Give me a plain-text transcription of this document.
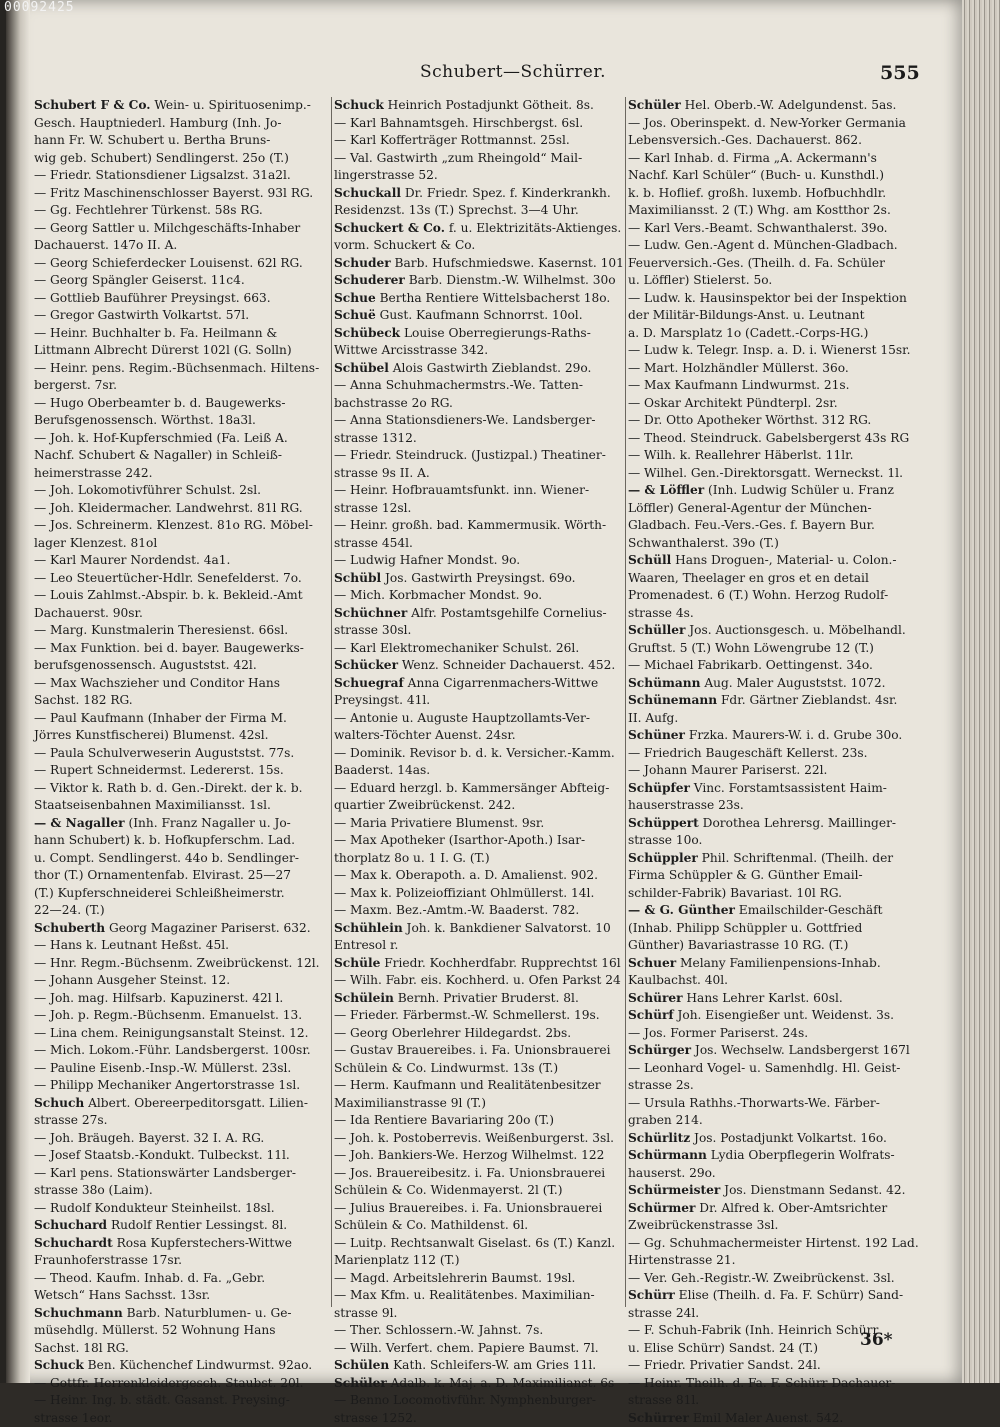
00092425
Schubert—Schürrer.	555

Schubert F & Co. Wein- u. Spirituosenimp.-

Gesch. Hauptniederl. Hamburg (Inh. Jo-

hann Fr. W. Schubert u. Bertha Bruns-

wig geb. Schubert) Sendlingerst. 25o (T.)

— Friedr. Stationsdiener Ligsalzst. 31a2l.

— Fritz Maschinenschlosser Bayerst. 93l RG.

— Gg. Fechtlehrer Türkenst. 58s RG.

— Georg Sattler u. Milchgeschäfts-Inhaber

Dachauerst. 147o II. A.

— Georg Schieferdecker Louisenst. 62l RG.

— Georg Spängler Geiserst. 11c4.

— Gottlieb Bauführer Preysingst. 663.

— Gregor Gastwirth Volkartst. 57l.

— Heinr. Buchhalter b. Fa. Heilmann &

Littmann Albrecht Dürerst 102l (G. Solln)

— Heinr. pens. Regim.-Büchsenmach. Hiltens-

bergerst. 7sr.

— Hugo Oberbeamter b. d. Baugewerks-

Berufsgenossensch. Wörthst. 18a3l.

— Joh. k. Hof-Kupferschmied (Fa. Leiß A.

Nachf. Schubert & Nagaller) in Schleiß-

heimerstrasse 242.

— Joh. Lokomotivführer Schulst. 2sl.

— Joh. Kleidermacher. Landwehrst. 81l RG.

— Jos. Schreinerm. Klenzest. 81o RG. Möbel-

lager Klenzest. 81ol

— Karl Maurer Nordendst. 4a1.

— Leo Steuertücher-Hdlr. Senefelderst. 7o.

— Louis Zahlmst.-Abspir. b. k. Bekleid.-Amt

Dachauerst. 90sr.

— Marg. Kunstmalerin Theresienst. 66sl.

— Max Funktion. bei d. bayer. Baugewerks-

berufsgenossensch. Auguststst. 42l.

— Max Wachszieher und Conditor Hans

Sachst. 182 RG.

— Paul Kaufmann (Inhaber der Firma M.

Jörres Kunstfischerei) Blumenst. 42sl.

— Paula Schulverweserin Auguststst. 77s.

— Rupert Schneidermst. Ledererst. 15s.

— Viktor k. Rath b. d. Gen.-Direkt. der k. b.

Staatseisenbahnen Maximiliansst. 1sl.

— & Nagaller (Inh. Franz Nagaller u. Jo-

hann Schubert) k. b. Hofkupferschm. Lad.

u. Compt. Sendlingerst. 44o b. Sendlinger-

thor (T.) Ornamentenfab. Elvirast. 25—27

(T.) Kupferschneiderei Schleißheimerstr.

22—24. (T.)

Schuberth Georg Magaziner Pariserst. 632.

— Hans k. Leutnant Heßst. 45l.

— Hnr. Regm.-Büchsenm. Zweibrückenst. 12l.

— Johann Ausgeher Steinst. 12.

— Joh. mag. Hilfsarb. Kapuzinerst. 42l l.

— Joh. p. Regm.-Büchsenm. Emanuelst. 13.

— Lina chem. Reinigungsanstalt Steinst. 12.

— Mich. Lokom.-Führ. Landsbergerst. 100sr.

— Pauline Eisenb.-Insp.-W. Müllerst. 23sl.

— Philipp Mechaniker Angertorstrasse 1sl.

Schuch Albert. Obereerpeditorsgatt. Lilien-

strasse 27s.

— Joh. Bräugeh. Bayerst. 32 I. A. RG.

— Josef Staatsb.-Kondukt. Tulbeckst. 11l.

— Karl pens. Stationswärter Landsberger-

strasse 38o (Laim).

— Rudolf Kondukteur Steinheilst. 18sl.

Schuchard Rudolf Rentier Lessingst. 8l.

Schuchardt Rosa Kupferstechers-Wittwe

Fraunhoferstrasse 17sr.

— Theod. Kaufm. Inhab. d. Fa. „Gebr.

Wetsch“ Hans Sachsst. 13sr.

Schuchmann Barb. Naturblumen- u. Ge-

müsehdlg. Müllerst. 52 Wohnung Hans

Sachst. 18l RG.

Schuck Ben. Küchenchef Lindwurmst. 92ao.

— Gottfr. Herrenkleidergesch. Staubst. 20l.

— Heinr. Ing. b. städt. Gasanst. Preysing-

strasse 1eor.

Schuck Heinrich Postadjunkt Götheit. 8s.

— Karl Bahnamtsgeh. Hirschbergst. 6sl.

— Karl Kofferträger Rottmannst. 25sl.

— Val. Gastwirth „zum Rheingold“ Mail-

lingerstrasse 52.

Schuckall Dr. Friedr. Spez. f. Kinderkrankh.

Residenzst. 13s (T.) Sprechst. 3—4 Uhr.

Schuckert & Co. f. u. Elektrizitäts-Aktienges.

vorm. Schuckert & Co.

Schuder Barb. Hufschmiedswe. Kasernst. 101

Schuderer Barb. Dienstm.-W. Wilhelmst. 30o

Schue Bertha Rentiere Wittelsbacherst 18o.

Schuë Gust. Kaufmann Schnorrst. 10ol.

Schübeck Louise Oberregierungs-Raths-

Wittwe Arcisstrasse 342.

Schübel Alois Gastwirth Zieblandst. 29o.

— Anna Schuhmachermstrs.-We. Tatten-

bachstrasse 2o RG.

— Anna Stationsdieners-We. Landsberger-

strasse 1312.

— Friedr. Steindruck. (Justizpal.) Theatiner-

strasse 9s II. A.

— Heinr. Hofbrauamtsfunkt. inn. Wiener-

strasse 12sl.

— Heinr. großh. bad. Kammermusik. Wörth-

strasse 454l.

— Ludwig Hafner Mondst. 9o.

Schübl Jos. Gastwirth Preysingst. 69o.

— Mich. Korbmacher Mondst. 9o.

Schüchner Alfr. Postamtsgehilfe Cornelius-

strasse 30sl.

— Karl Elektromechaniker Schulst. 26l.

Schücker Wenz. Schneider Dachauerst. 452.

Schuegraf Anna Cigarrenmachers-Wittwe

Preysingst. 41l.

— Antonie u. Auguste Hauptzollamts-Ver-

walters-Töchter Auenst. 24sr.

— Dominik. Revisor b. d. k. Versicher.-Kamm.

Baaderst. 14as.

— Eduard herzgl. b. Kammersänger Abfteig-

quartier Zweibrückenst. 242.

— Maria Privatiere Blumenst. 9sr.

— Max Apotheker (Isarthor-Apoth.) Isar-

thorplatz 8o u. 1 I. G. (T.)

— Max k. Oberapoth. a. D. Amalienst. 902.

— Max k. Polizeioffiziant Ohlmüllerst. 14l.

— Maxm. Bez.-Amtm.-W. Baaderst. 782.

Schühlein Joh. k. Bankdiener Salvatorst. 10

Entresol r.

Schüle Friedr. Kochherdfabr. Rupprechtst 16l

— Wilh. Fabr. eis. Kochherd. u. Ofen Parkst 24

Schülein Bernh. Privatier Bruderst. 8l.

— Frieder. Färbermst.-W. Schmellerst. 19s.

— Georg Oberlehrer Hildegardst. 2bs.

— Gustav Brauereibes. i. Fa. Unionsbrauerei

Schülein & Co. Lindwurmst. 13s (T.)

— Herm. Kaufmann und Realitätenbesitzer

Maximilianstrasse 9l (T.)

— Ida Rentiere Bavariaring 20o (T.)

— Joh. k. Postoberrevis. Weißenburgerst. 3sl.

— Joh. Bankiers-We. Herzog Wilhelmst. 122

— Jos. Brauereibesitz. i. Fa. Unionsbrauerei

Schülein & Co. Widenmayerst. 2l (T.)

— Julius Brauereibes. i. Fa. Unionsbrauerei

Schülein & Co. Mathildenst. 6l.

— Luitp. Rechtsanwalt Giselast. 6s (T.) Kanzl.

Marienplatz 112 (T.)

— Magd. Arbeitslehrerin Baumst. 19sl.

— Max Kfm. u. Realitätenbes. Maximilian-

strasse 9l.

— Ther. Schlossern.-W. Jahnst. 7s.

— Wilh. Verfert. chem. Papiere Baumst. 7l.

Schülen Kath. Schleifers-W. am Gries 11l.

Schüler Adalb. k. Maj. a. D. Maximilianst. 6s

— Benno Locomotivführ. Nymphenburger-

strasse 1252.

Schüler Hel. Oberb.-W. Adelgundenst. 5as.

— Jos. Oberinspekt. d. New-Yorker Germania

Lebensversich.-Ges. Dachauerst. 862.

— Karl Inhab. d. Firma „A. Ackermann's

Nachf. Karl Schüler“ (Buch- u. Kunsthdl.)

k. b. Hoflief. großh. luxemb. Hofbuchhdlr.

Maximiliansst. 2 (T.) Whg. am Kostthor 2s.

— Karl Vers.-Beamt. Schwanthalerst. 39o.

— Ludw. Gen.-Agent d. München-Gladbach.

Feuerversich.-Ges. (Theilh. d. Fa. Schüler

u. Löffler) Stielerst. 5o.

— Ludw. k. Hausinspektor bei der Inspektion

der Militär-Bildungs-Anst. u. Leutnant

a. D. Marsplatz 1o (Cadett.-Corps-HG.)

— Ludw k. Telegr. Insp. a. D. i. Wienerst 15sr.

— Mart. Holzhändler Müllerst. 36o.

— Max Kaufmann Lindwurmst. 21s.

— Oskar Architekt Pündterpl. 2sr.

— Dr. Otto Apotheker Wörthst. 312 RG.

— Theod. Steindruck. Gabelsbergerst 43s RG

— Wilh. k. Reallehrer Häberlst. 11lr.

— Wilhel. Gen.-Direktorsgatt. Werneckst. 1l.

— & Löffler (Inh. Ludwig Schüler u. Franz

Löffler) General-Agentur der München-

Gladbach. Feu.-Vers.-Ges. f. Bayern Bur.

Schwanthalerst. 39o (T.)

Schüll Hans Droguen-, Material- u. Colon.-

Waaren, Theelager en gros et en detail

Promenadest. 6 (T.) Wohn. Herzog Rudolf-

strasse 4s.

Schüller Jos. Auctionsgesch. u. Möbelhandl.

Gruftst. 5 (T.) Wohn Löwengrube 12 (T.)

— Michael Fabrikarb. Oettingenst. 34o.

Schümann Aug. Maler Auguststst. 1072.

Schünemann Fdr. Gärtner Zieblandst. 4sr.

II. Aufg.

Schüner Frzka. Maurers-W. i. d. Grube 30o.

— Friedrich Baugeschäft Kellerst. 23s.

— Johann Maurer Pariserst. 22l.

Schüpfer Vinc. Forstamtsassistent Haim-

hauserstrasse 23s.

Schüppert Dorothea Lehrersg. Maillinger-

strasse 10o.

Schüppler Phil. Schriftenmal. (Theilh. der

Firma Schüppler & G. Günther Email-

schilder-Fabrik) Bavariast. 10l RG.

— & G. Günther Emailschilder-Geschäft

(Inhab. Philipp Schüppler u. Gottfried

Günther) Bavariastrasse 10 RG. (T.)

Schuer Melany Familienpensions-Inhab.

Kaulbachst. 40l.

Schürer Hans Lehrer Karlst. 60sl.

Schürf Joh. Eisengießer unt. Weidenst. 3s.

— Jos. Former Pariserst. 24s.

Schürger Jos. Wechselw. Landsbergerst 167l

— Leonhard Vogel- u. Samenhdlg. Hl. Geist-

strasse 2s.

— Ursula Rathhs.-Thorwarts-We. Färber-

graben 214.

Schürlitz Jos. Postadjunkt Volkartst. 16o.

Schürmann Lydia Oberpflegerin Wolfrats-

hauserst. 29o.

Schürmeister Jos. Dienstmann Sedanst. 42.

Schürmer Dr. Alfred k. Ober-Amtsrichter

Zweibrückenstrasse 3sl.

— Gg. Schuhmachermeister Hirtenst. 192 Lad.

Hirtenstrasse 21.

— Ver. Geh.-Registr.-W. Zweibrückenst. 3sl.

Schürr Elise (Theilh. d. Fa. F. Schürr) Sand-

strasse 24l.

— F. Schuh-Fabrik (Inh. Heinrich Schürr

u. Elise Schürr) Sandst. 24 (T.)

— Friedr. Privatier Sandst. 24l.

— Heinr. Theilh. d. Fa. F. Schürr Dachauer-

strasse 81l.

Schürrer Emil Maler Auenst. 542.

36*
